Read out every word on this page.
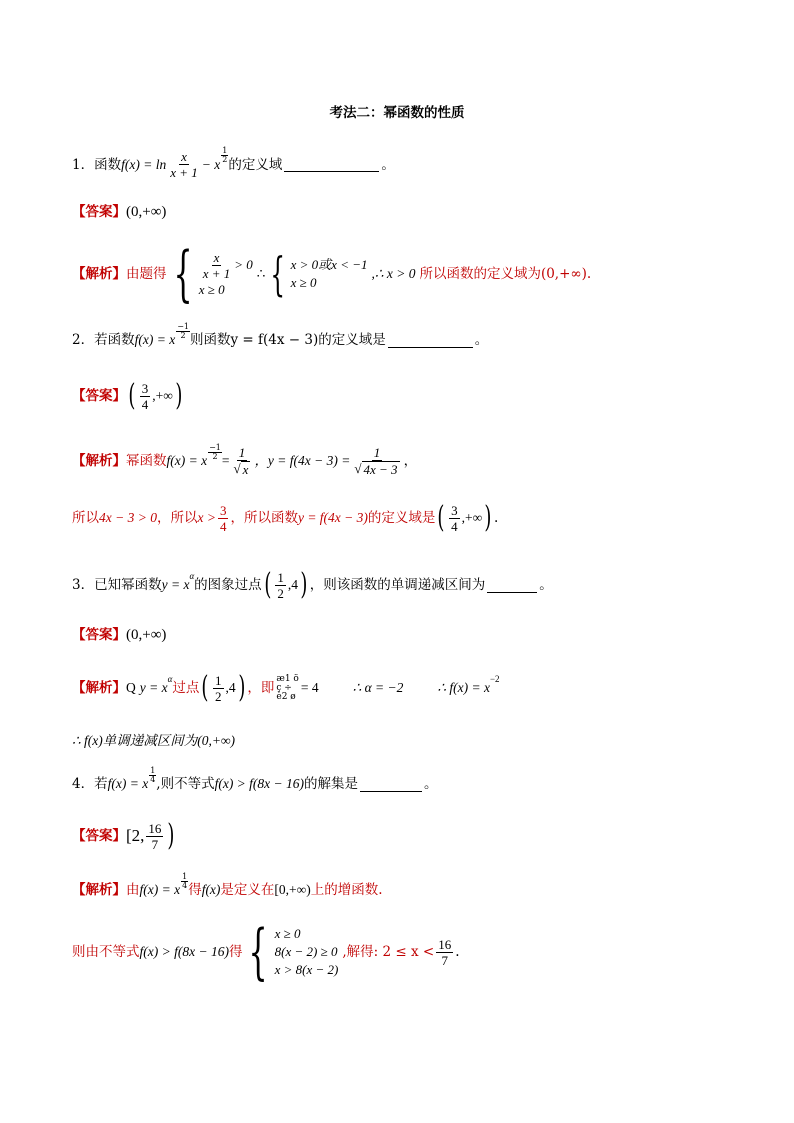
考法二：幂函数的性质
1．函数 $f(x) = \ln \frac{x}{x + 1} - x \frac{1}{2}$
的定义域	。
【答案】 (0,+∞)
【解析】 由题得 { $\frac{x}{x + 1} > 0$
x ≥ 0
∴ { x > 0或x < −1
x ≥ 0
,∴ x > 0 所以函数的定义域为(0,+∞).
2．若函数 f(x) = x
−1
2 则函数y = f(4x − 3)的定义域是	。
【答案】 ( $\frac{3}{4}$ ,+∞ )
【解析】 幂函数 f(x) = x $\frac{-1}{2} = \frac{1}{√ x}$ ，$y = f(4x - 3) = \frac{1}{√ 4x - 3}$ ，
所以 4x − 3 > 0 ，所以 $x > \frac{3}{4}$ ，所以函数 y = f(4x − 3) 的定义域是 ( $\frac{3}{4}$ ,+∞ ) .
3．已知幂函数 y = x
α
的图象过点 ( $\frac{1}{2} ,4$ ) ，则该函数的单调递减区间为	。
【答案】 (0,+∞)
【解析】 Q y = x
α
过点 ( $\frac{1}{2} ,4$ ) ，即
æ1 ö
ç ÷
è2 ø
= 4	∴ α = −2	∴ f(x) = x
−2
∴ f(x)单调递减区间为(0,+∞)
4．若 f(x) = x $\frac{1}{4}$
,则不等式 f(x) > f(8x − 16) 的解集是	。
【答案】 [2, $\frac{16}{7}$ )
【解析】 由 f(x) = x $\frac{1}{4}$
得 f(x) 是定义在 [0,+∞) 上的增函数.
则由不等式 f(x) > f(8x − 16) 得 { x ≥ 0
8(x − 2) ≥ 0
x > 8(x − 2)
,解得: $2 \le x < \frac{16}{7}$ .
